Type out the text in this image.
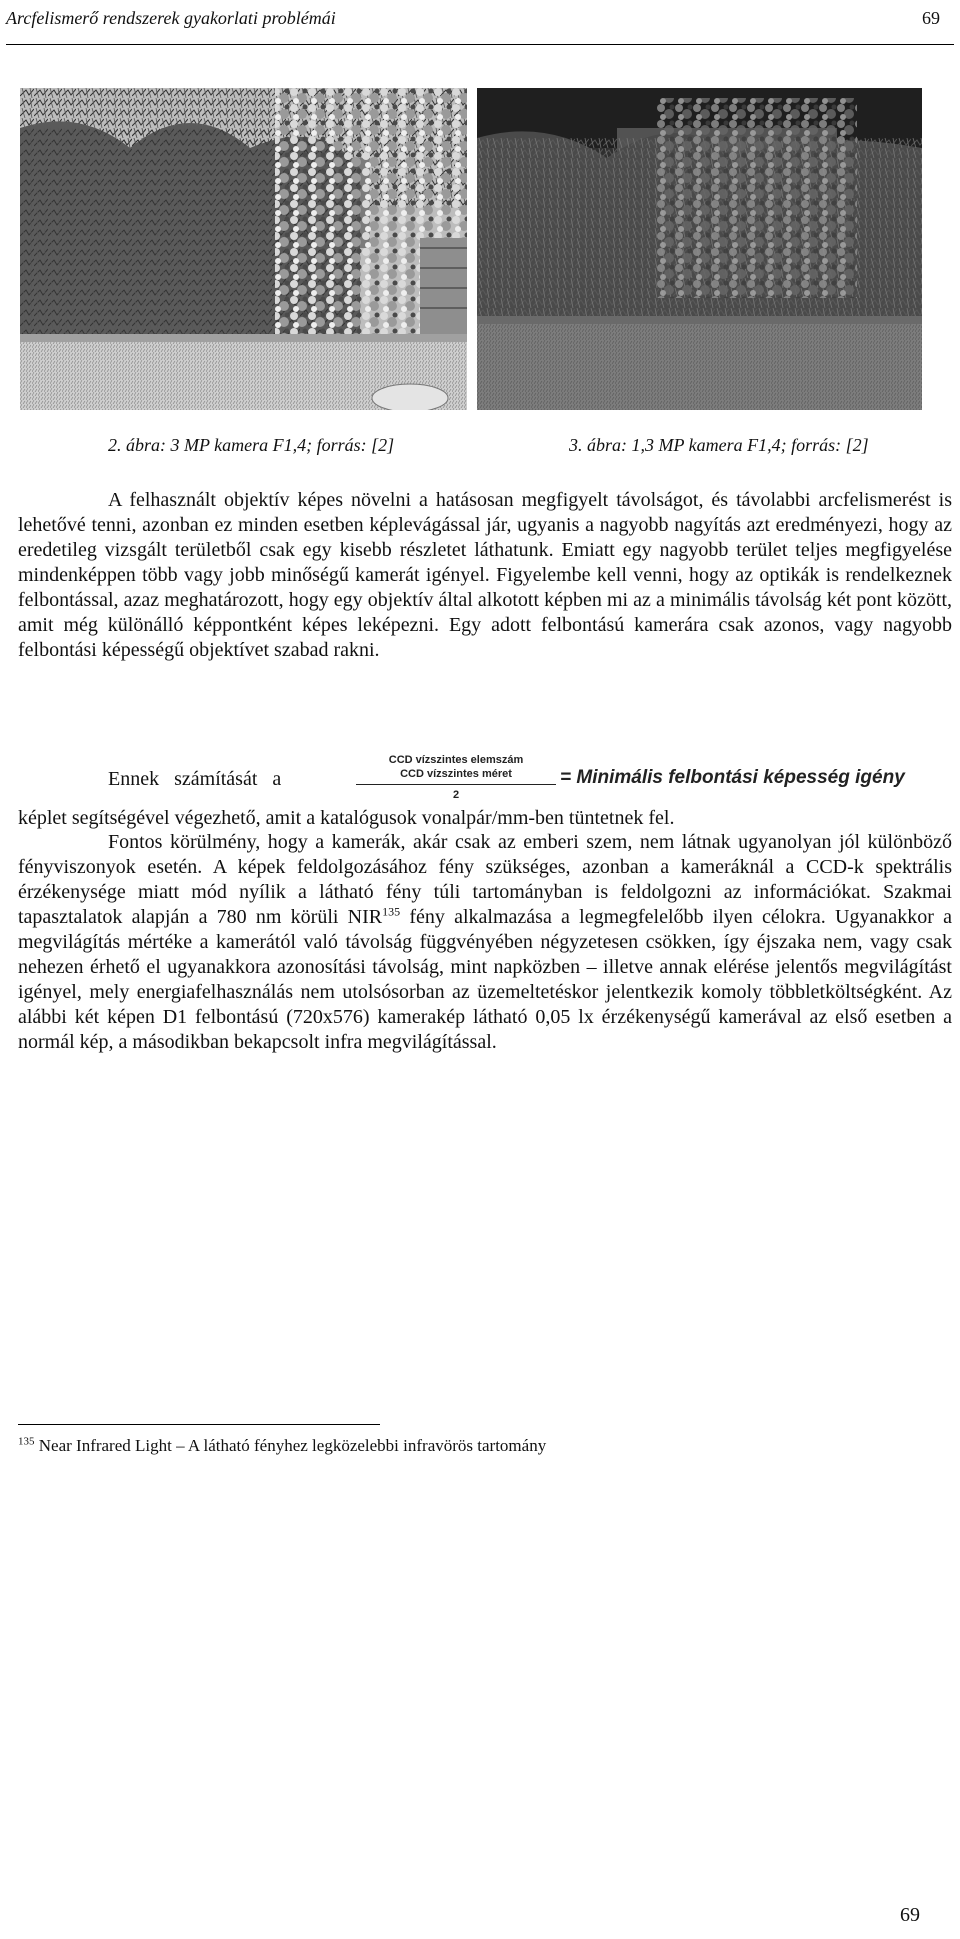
Arcfelismerő rendszerek gyakorlati problémái	69
2. ábra: 3 MP kamera F1,4; forrás: [2]	3. ábra: 1,3 MP kamera F1,4; forrás: [2]

A felhasznált objektív képes növelni a hatásosan megfigyelt távolságot, és távolabbi arcfelismerést is lehetővé tenni, azonban ez minden esetben képlevágással jár, ugyanis a nagyobb nagyítás azt eredményezi, hogy az eredetileg vizsgált területből csak egy kisebb részletet láthatunk. Emiatt egy nagyobb terület teljes megfigyelése mindenképpen több vagy jobb minőségű kamerát igényel. Figyelembe kell venni, hogy az optikák is rendelkeznek felbontással, azaz meghatározott, hogy egy objektív által alkotott képben mi az a minimális távolság két pont között, amit még különálló képpontként képes leképezni. Egy adott felbontású kamerára csak azonos, vagy nagyobb felbontási képességű objektívet szabad rakni.

Ennek számítását a
CCD vízszintes elemszám
CCD vízszintes méret
2
= Minimális felbontási képesség igény

képlet segítségével végezhető, amit a katalógusok vonalpár/mm-ben tüntetnek fel.

Fontos körülmény, hogy a kamerák, akár csak az emberi szem, nem látnak ugyanolyan jól különböző fényviszonyok esetén. A képek feldolgozásához fény szükséges, azonban a kameráknál a CCD-k spektrális érzékenysége miatt mód nyílik a látható fény túli tartományban is feldolgozni az információkat. Szakmai tapasztalatok alapján a 780 nm körüli NIR$^{135}$ fény alkalmazása a legmegfelelőbb ilyen célokra. Ugyanakkor a megvilágítás mértéke a kamerától való távolság függvényében négyzetesen csökken, így éjszaka nem, vagy csak nehezen érhető el ugyanakkora azonosítási távolság, mint napközben – illetve annak elérése jelentős megvilágítást igényel, mely energiafelhasználás nem utolsósorban az üzemeltetéskor jelentkezik komoly többletköltségként. Az alábbi két képen D1 felbontású (720x576) kamerakép látható 0,05 lx érzékenységű kamerával az első esetben a normál kép, a másodikban bekapcsolt infra megvilágítással.

$^{135}$ Near Infrared Light – A látható fényhez legközelebbi infravörös tartomány
69
